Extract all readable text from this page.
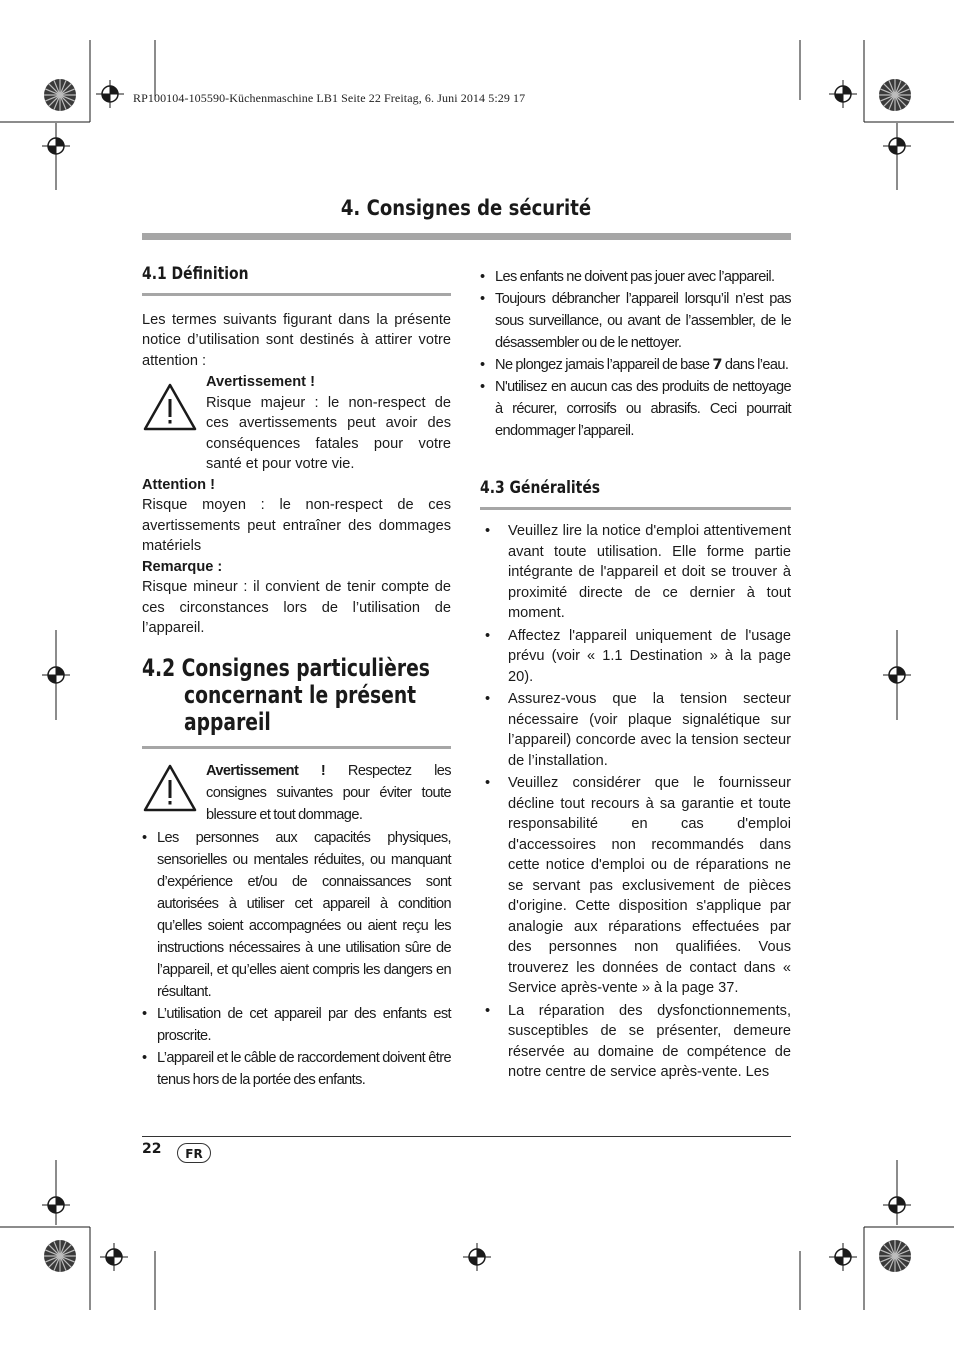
RP100104-105590-Küchenmaschine LB1 Seite 22 Freitag, 6. Juni 2014 5:29 17
4. Consignes de sécurité
4.1 Définition
Les termes suivants figurant dans la présente notice d’utilisation sont destinés à attirer votre attention :
Avertissement !
Risque majeur : le non-respect de ces avertissements peut avoir des conséquences fatales pour votre santé et pour votre vie.
Attention !
Risque moyen : le non-respect de ces avertissements peut entraîner des dommages matériels
Remarque :
Risque mineur : il convient de tenir compte de ces circonstances lors de l’utilisation de l’appareil.
4.2 Consignes particulières
concernant le présent
appareil
Avertissement ! Respectez les consignes suivantes pour éviter toute blessure et tout dommage.
• Les personnes aux capacités physiques, sensorielles ou mentales réduites, ou manquant d’expérience et/ou de connaissances sont autorisées à utiliser cet appareil à condition qu’elles soient accompagnées ou aient reçu les instructions nécessaires à une utilisation sûre de l’appareil, et qu’elles aient compris les dangers en résultant.
• L’utilisation de cet appareil par des enfants est proscrite.
• L’appareil et le câble de raccordement doivent être tenus hors de la portée des enfants.
• Les enfants ne doivent pas jouer avec l’appareil.
• Toujours débrancher l’appareil lorsqu’il n’est pas sous surveillance, ou avant de l’assembler, de le désassembler ou de le nettoyer.
• Ne plongez jamais l’appareil de base 7 dans l’eau.
• N'utilisez en aucun cas des produits de nettoyage à récurer, corrosifs ou abrasifs. Ceci pourrait endommager l’appareil.
4.3 Généralités
• Veuillez lire la notice d'emploi attentivement avant toute utilisation. Elle forme partie intégrante de l'appareil et doit se trouver à proximité directe de ce dernier à tout moment.
• Affectez l'appareil uniquement de l'usage prévu (voir « 1.1 Destination » à la page 20).
• Assurez-vous que la tension secteur nécessaire (voir plaque signalétique sur l’appareil) concorde avec la tension secteur de l’installation.
• Veuillez considérer que le fournisseur décline tout recours à sa garantie et toute responsabilité en cas d'emploi d'accessoires non recommandés dans cette notice d'emploi ou de réparations ne se servant pas exclusivement de pièces d'origine. Cette disposition s'applique par analogie aux réparations effectuées par des personnes non qualifiées. Vous trouverez les données de contact dans « Service après-vente » à la page 37.
• La réparation des dysfonctionnements, susceptibles de se présenter, demeure réservée au domaine de compétence de notre centre de service après-vente. Les
22	FR
